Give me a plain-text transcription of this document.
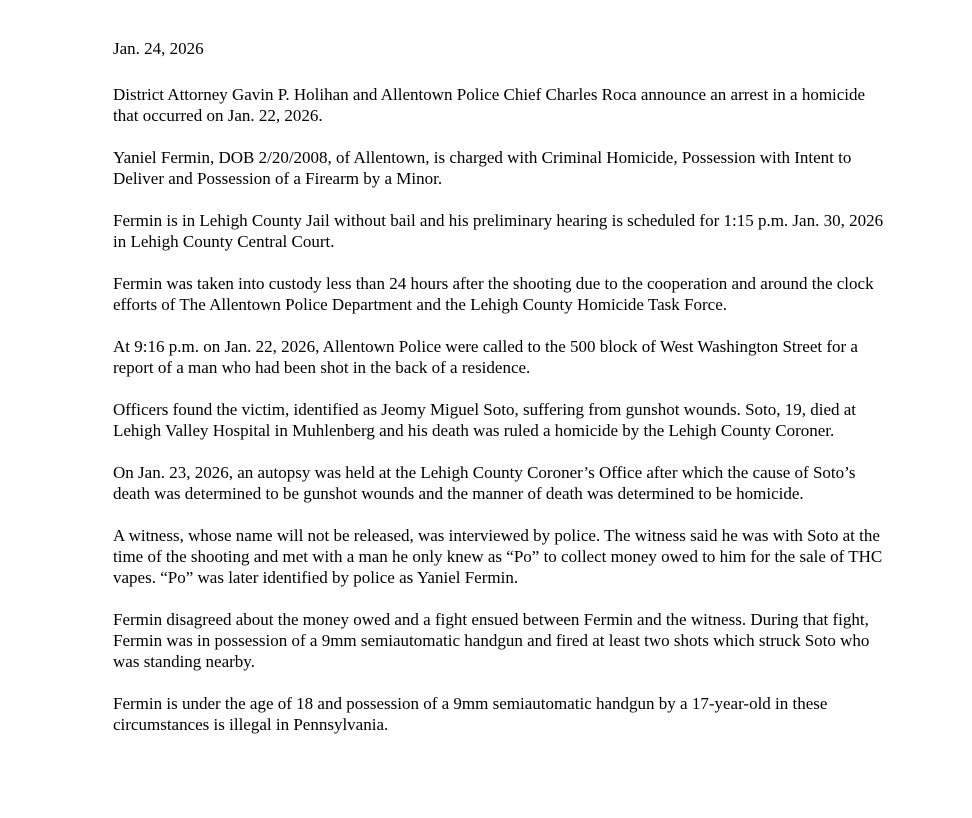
Jan. 24, 2026

District Attorney Gavin P. Holihan and Allentown Police Chief Charles Roca announce an arrest in a homicide that occurred on Jan. 22, 2026.

Yaniel Fermin, DOB 2/20/2008, of Allentown, is charged with Criminal Homicide, Possession with Intent to Deliver and Possession of a Firearm by a Minor.

Fermin is in Lehigh County Jail without bail and his preliminary hearing is scheduled for 1:15 p.m. Jan. 30, 2026 in Lehigh County Central Court.

Fermin was taken into custody less than 24 hours after the shooting due to the cooperation and around the clock efforts of The Allentown Police Department and the Lehigh County Homicide Task Force.

At 9:16 p.m. on Jan. 22, 2026, Allentown Police were called to the 500 block of West Washington Street for a report of a man who had been shot in the back of a residence.

Officers found the victim, identified as Jeomy Miguel Soto, suffering from gunshot wounds. Soto, 19, died at Lehigh Valley Hospital in Muhlenberg and his death was ruled a homicide by the Lehigh County Coroner.

On Jan. 23, 2026, an autopsy was held at the Lehigh County Coroner’s Office after which the cause of Soto’s death was determined to be gunshot wounds and the manner of death was determined to be homicide.

A witness, whose name will not be released, was interviewed by police. The witness said he was with Soto at the time of the shooting and met with a man he only knew as “Po” to collect money owed to him for the sale of THC vapes. “Po” was later identified by police as Yaniel Fermin.

Fermin disagreed about the money owed and a fight ensued between Fermin and the witness. During that fight, Fermin was in possession of a 9mm semiautomatic handgun and fired at least two shots which struck Soto who was standing nearby.

Fermin is under the age of 18 and possession of a 9mm semiautomatic handgun by a 17-year-old in these circumstances is illegal in Pennsylvania.
